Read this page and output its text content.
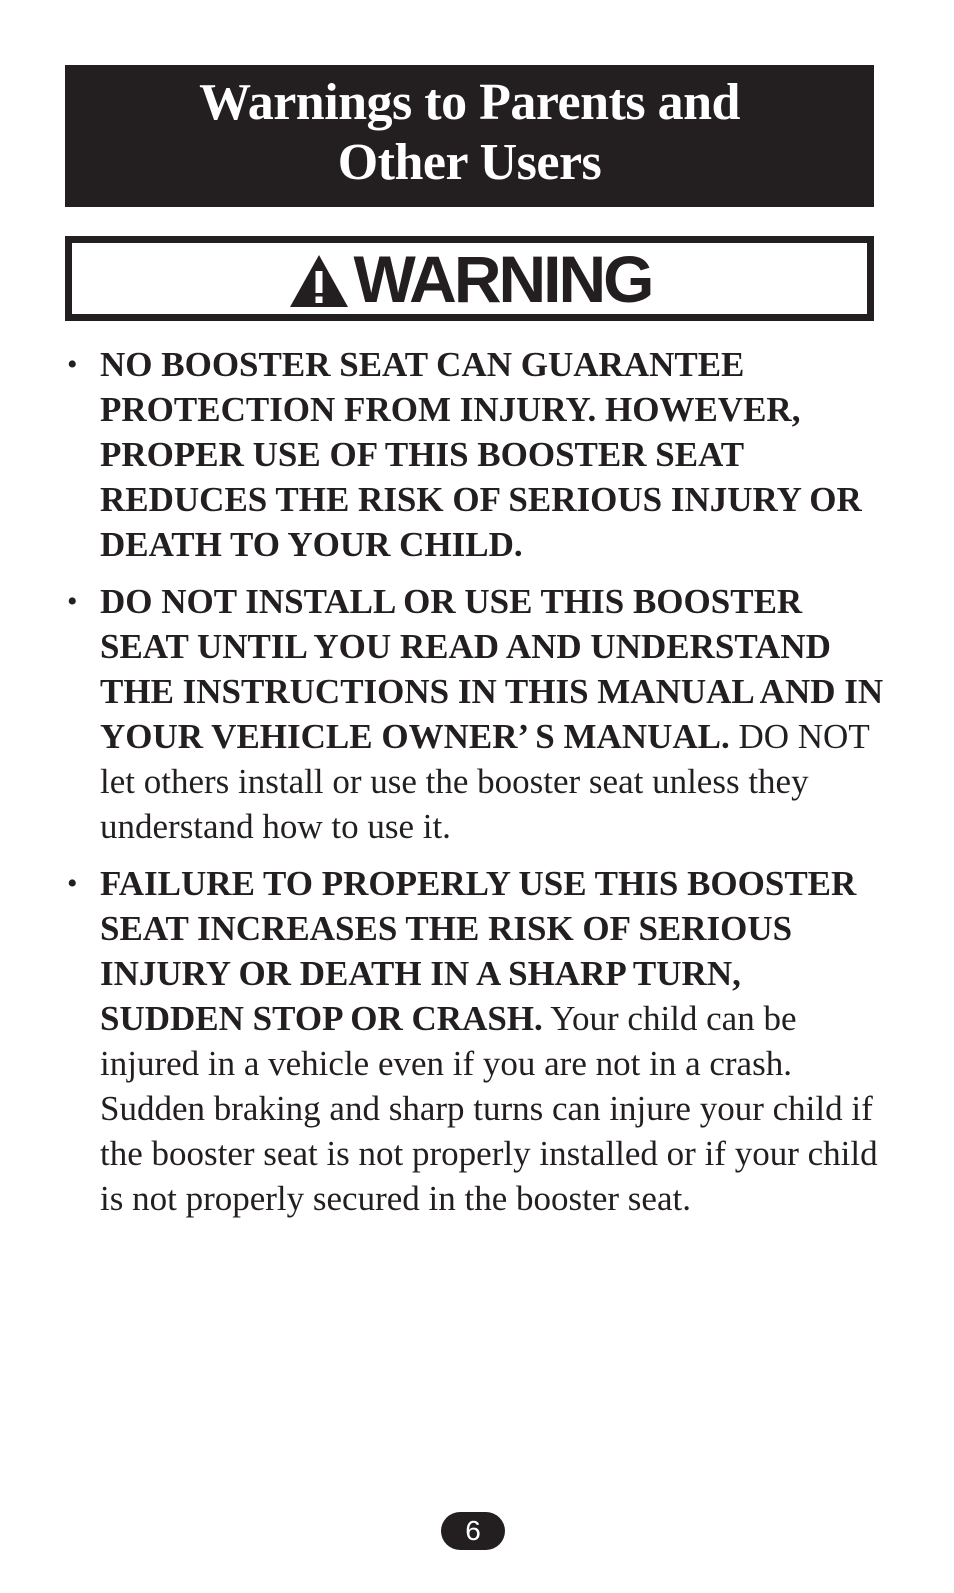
Warnings to Parents and
Other Users
WARNING
• NO BOOSTER SEAT CAN GUARANTEE PROTECTION FROM INJURY. HOWEVER, PROPER USE OF THIS BOOSTER SEAT REDUCES THE RISK OF SERIOUS INJURY OR DEATH TO YOUR CHILD.
• DO NOT INSTALL OR USE THIS BOOSTER SEAT UNTIL YOU READ AND UNDERSTAND THE INSTRUCTIONS IN THIS MANUAL AND IN YOUR VEHICLE OWNER’ S MANUAL. DO NOT let others install or use the booster seat unless they understand how to use it.
• FAILURE TO PROPERLY USE THIS BOOSTER SEAT INCREASES THE RISK OF SERIOUS INJURY OR DEATH IN A SHARP TURN, SUDDEN STOP OR CRASH. Your child can be injured in a vehicle even if you are not in a crash. Sudden braking and sharp turns can injure your child if the booster seat is not properly installed or if your child is not properly secured in the booster seat.
6
